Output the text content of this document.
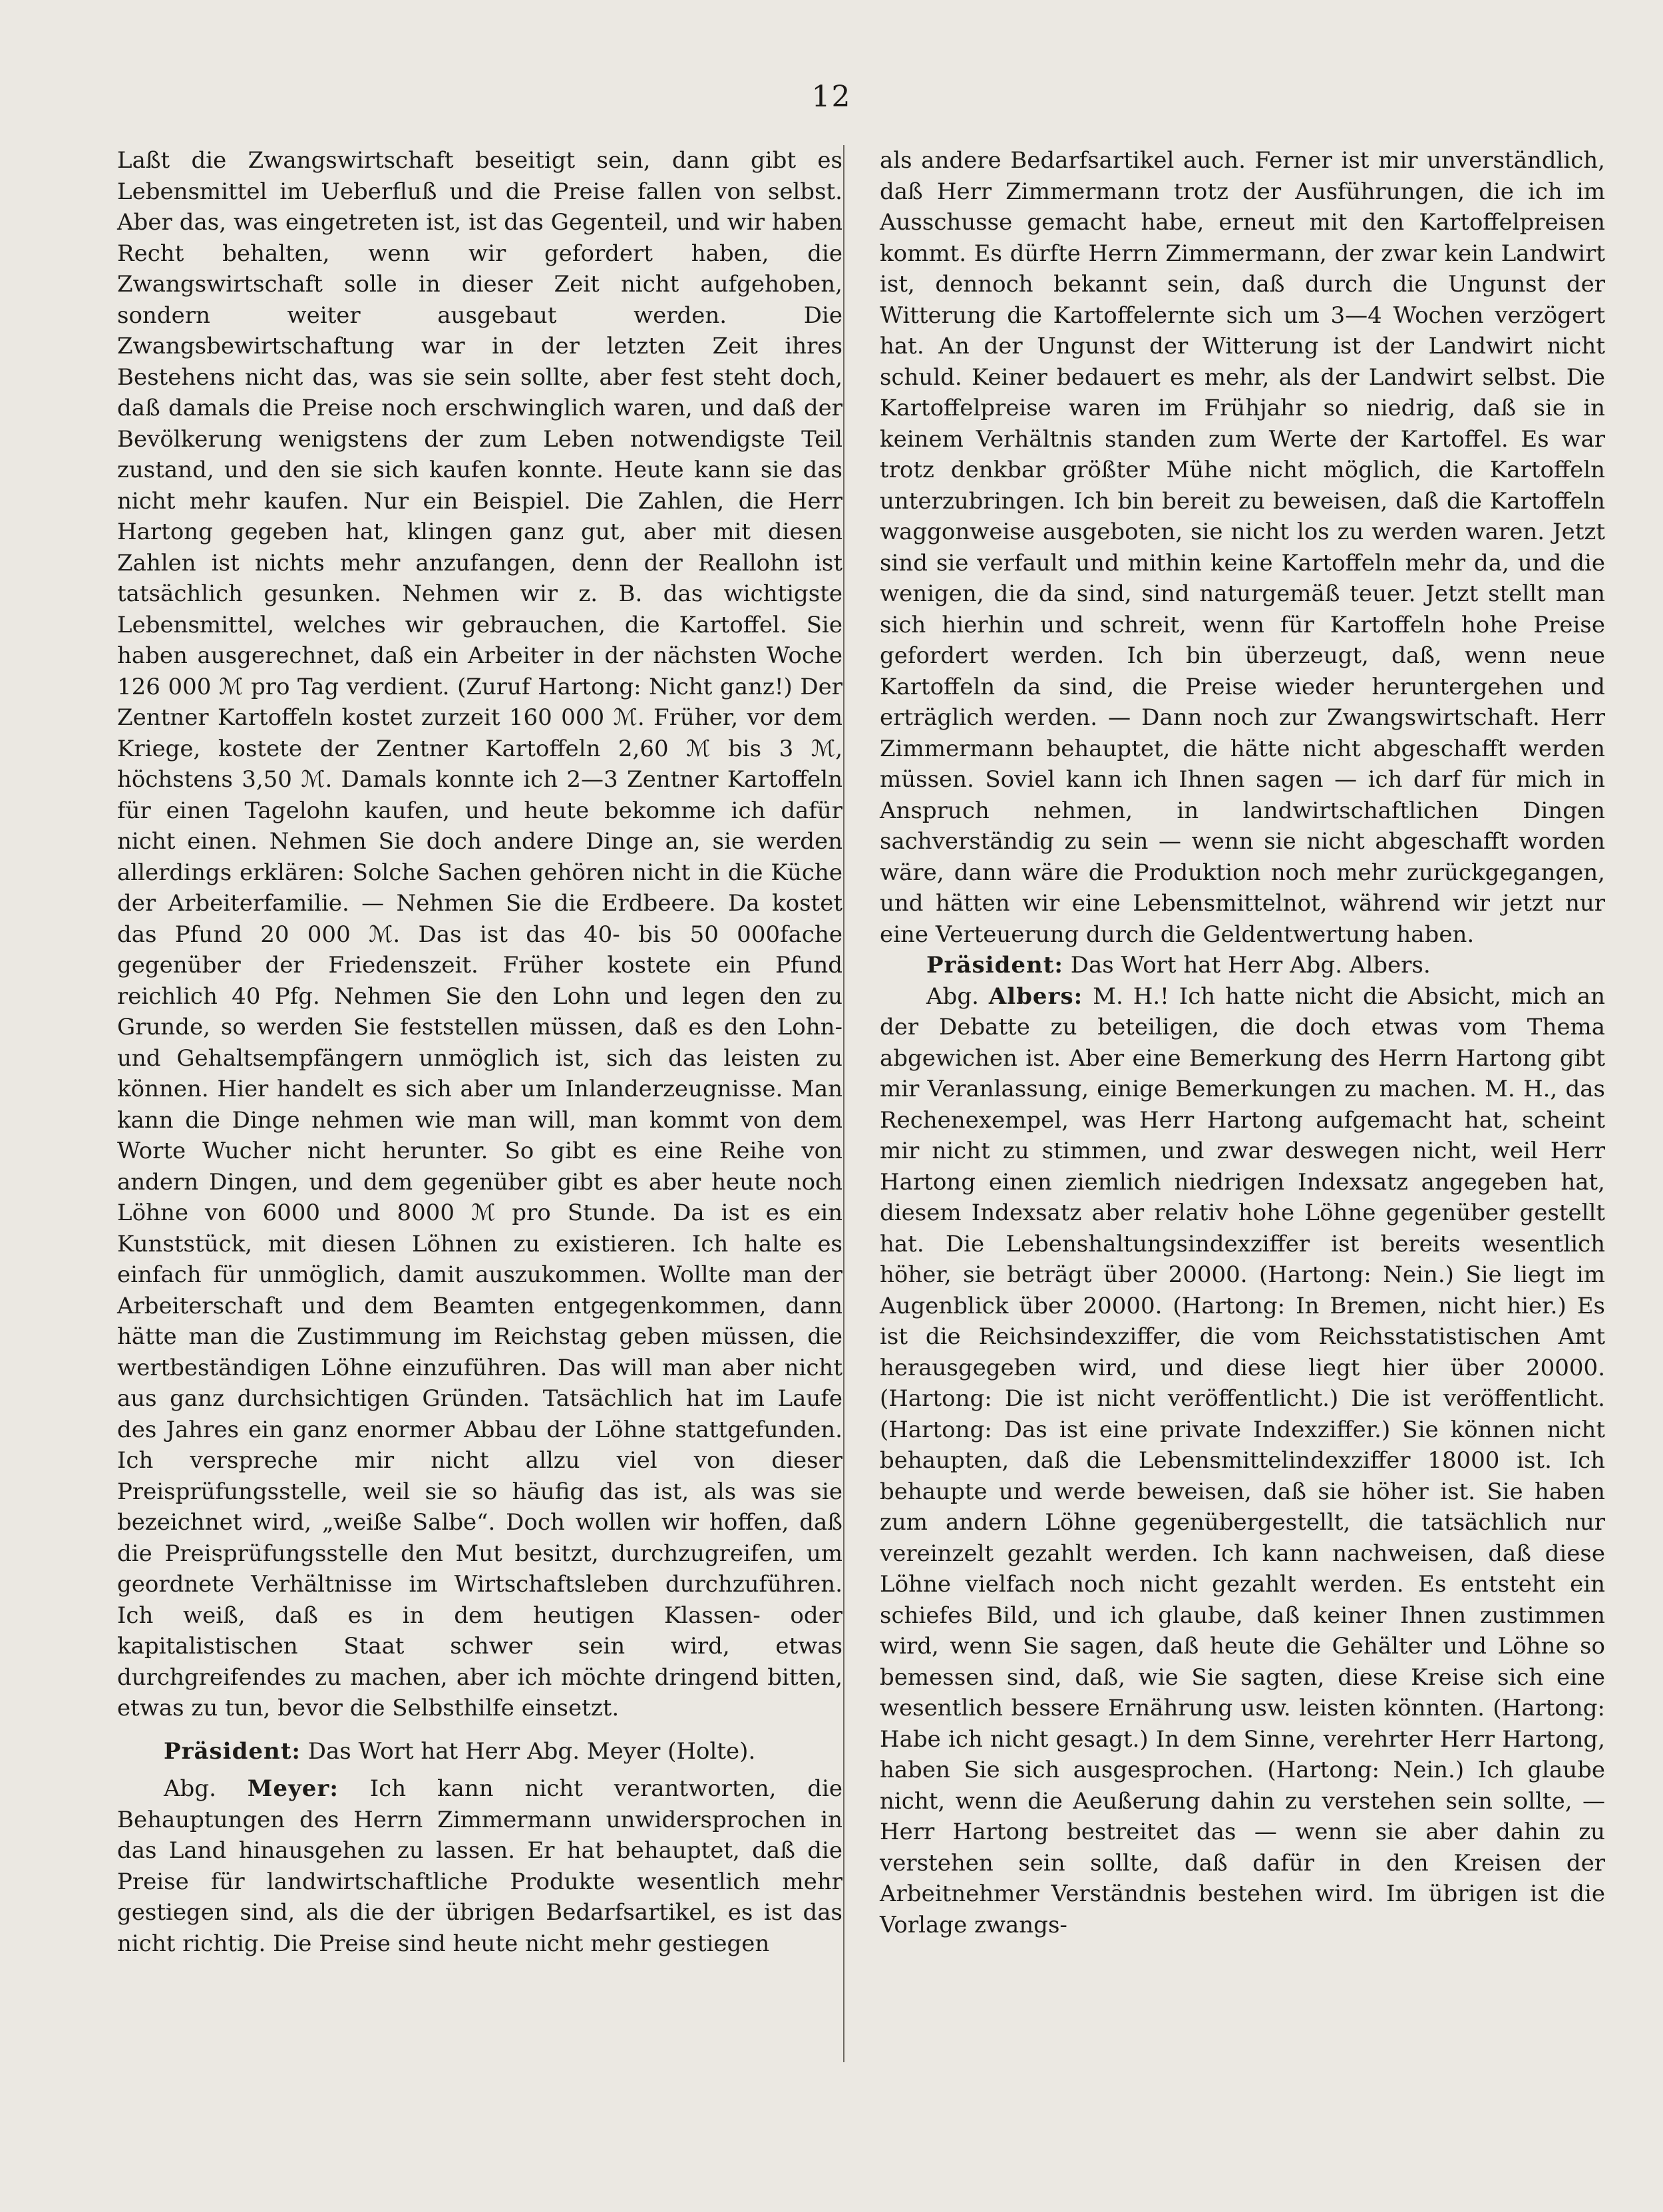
12

Laßt die Zwangswirtschaft beseitigt sein, dann gibt es Lebensmittel im Ueberfluß und die Preise fallen von selbst. Aber das, was eingetreten ist, ist das Gegenteil, und wir haben Recht behalten, wenn wir gefordert haben, die Zwangswirtschaft solle in dieser Zeit nicht aufgehoben, sondern weiter ausgebaut werden. Die Zwangsbewirtschaftung war in der letzten Zeit ihres Bestehens nicht das, was sie sein sollte, aber fest steht doch, daß damals die Preise noch erschwinglich waren, und daß der Bevölkerung wenigstens der zum Leben notwendigste Teil zustand, und den sie sich kaufen konnte. Heute kann sie das nicht mehr kaufen. Nur ein Beispiel. Die Zahlen, die Herr Hartong gegeben hat, klingen ganz gut, aber mit diesen Zahlen ist nichts mehr anzufangen, denn der Reallohn ist tatsächlich gesunken. Nehmen wir z. B. das wichtigste Lebensmittel, welches wir gebrauchen, die Kartoffel. Sie haben ausgerechnet, daß ein Arbeiter in der nächsten Woche 126 000 ℳ pro Tag verdient. (Zuruf Hartong: Nicht ganz!) Der Zentner Kartoffeln kostet zurzeit 160 000 ℳ. Früher, vor dem Kriege, kostete der Zentner Kartoffeln 2,60 ℳ bis 3 ℳ, höchstens 3,50 ℳ. Damals konnte ich 2—3 Zentner Kartoffeln für einen Tagelohn kaufen, und heute bekomme ich dafür nicht einen. Nehmen Sie doch andere Dinge an, sie werden allerdings erklären: Solche Sachen gehören nicht in die Küche der Arbeiterfamilie. — Nehmen Sie die Erdbeere. Da kostet das Pfund 20 000 ℳ. Das ist das 40- bis 50 000fache gegenüber der Friedenszeit. Früher kostete ein Pfund reichlich 40 Pfg. Nehmen Sie den Lohn und legen den zu Grunde, so werden Sie feststellen müssen, daß es den Lohn- und Gehaltsempfängern unmöglich ist, sich das leisten zu können. Hier handelt es sich aber um Inlanderzeugnisse. Man kann die Dinge nehmen wie man will, man kommt von dem Worte Wucher nicht herunter. So gibt es eine Reihe von andern Dingen, und dem gegenüber gibt es aber heute noch Löhne von 6000 und 8000 ℳ pro Stunde. Da ist es ein Kunststück, mit diesen Löhnen zu existieren. Ich halte es einfach für unmöglich, damit auszukommen. Wollte man der Arbeiterschaft und dem Beamten entgegenkommen, dann hätte man die Zustimmung im Reichstag geben müssen, die wertbeständigen Löhne einzuführen. Das will man aber nicht aus ganz durchsichtigen Gründen. Tatsächlich hat im Laufe des Jahres ein ganz enormer Abbau der Löhne stattgefunden. Ich verspreche mir nicht allzu viel von dieser Preisprüfungsstelle, weil sie so häufig das ist, als was sie bezeichnet wird, „weiße Salbe“. Doch wollen wir hoffen, daß die Preisprüfungsstelle den Mut besitzt, durchzugreifen, um geordnete Verhältnisse im Wirtschaftsleben durchzuführen. Ich weiß, daß es in dem heutigen Klassen- oder kapitalistischen Staat schwer sein wird, etwas durchgreifendes zu machen, aber ich möchte dringend bitten, etwas zu tun, bevor die Selbsthilfe einsetzt.

Präsident: Das Wort hat Herr Abg. Meyer (Holte).

Abg. Meyer: Ich kann nicht verantworten, die Behauptungen des Herrn Zimmermann unwidersprochen in das Land hinausgehen zu lassen. Er hat behauptet, daß die Preise für landwirtschaftliche Produkte wesentlich mehr gestiegen sind, als die der übrigen Bedarfsartikel, es ist das nicht richtig. Die Preise sind heute nicht mehr gestiegen

als andere Bedarfsartikel auch. Ferner ist mir unverständlich, daß Herr Zimmermann trotz der Ausführungen, die ich im Ausschusse gemacht habe, erneut mit den Kartoffelpreisen kommt. Es dürfte Herrn Zimmermann, der zwar kein Landwirt ist, dennoch bekannt sein, daß durch die Ungunst der Witterung die Kartoffelernte sich um 3—4 Wochen verzögert hat. An der Ungunst der Witterung ist der Landwirt nicht schuld. Keiner bedauert es mehr, als der Landwirt selbst. Die Kartoffelpreise waren im Frühjahr so niedrig, daß sie in keinem Verhältnis standen zum Werte der Kartoffel. Es war trotz denkbar größter Mühe nicht möglich, die Kartoffeln unterzubringen. Ich bin bereit zu beweisen, daß die Kartoffeln waggonweise ausgeboten, sie nicht los zu werden waren. Jetzt sind sie verfault und mithin keine Kartoffeln mehr da, und die wenigen, die da sind, sind naturgemäß teuer. Jetzt stellt man sich hierhin und schreit, wenn für Kartoffeln hohe Preise gefordert werden. Ich bin überzeugt, daß, wenn neue Kartoffeln da sind, die Preise wieder heruntergehen und erträglich werden. — Dann noch zur Zwangswirtschaft. Herr Zimmermann behauptet, die hätte nicht abgeschafft werden müssen. Soviel kann ich Ihnen sagen — ich darf für mich in Anspruch nehmen, in landwirtschaftlichen Dingen sachverständig zu sein — wenn sie nicht abgeschafft worden wäre, dann wäre die Produktion noch mehr zurückgegangen, und hätten wir eine Lebensmittelnot, während wir jetzt nur eine Verteuerung durch die Geldentwertung haben.

Präsident: Das Wort hat Herr Abg. Albers.

Abg. Albers: M. H.! Ich hatte nicht die Absicht, mich an der Debatte zu beteiligen, die doch etwas vom Thema abgewichen ist. Aber eine Bemerkung des Herrn Hartong gibt mir Veranlassung, einige Bemerkungen zu machen. M. H., das Rechenexempel, was Herr Hartong aufgemacht hat, scheint mir nicht zu stimmen, und zwar deswegen nicht, weil Herr Hartong einen ziemlich niedrigen Indexsatz angegeben hat, diesem Indexsatz aber relativ hohe Löhne gegenüber gestellt hat. Die Lebenshaltungsindexziffer ist bereits wesentlich höher, sie beträgt über 20000. (Hartong: Nein.) Sie liegt im Augenblick über 20000. (Hartong: In Bremen, nicht hier.) Es ist die Reichsindexziffer, die vom Reichsstatistischen Amt herausgegeben wird, und diese liegt hier über 20000. (Hartong: Die ist nicht veröffentlicht.) Die ist veröffentlicht. (Hartong: Das ist eine private Indexziffer.) Sie können nicht behaupten, daß die Lebensmittelindexziffer 18000 ist. Ich behaupte und werde beweisen, daß sie höher ist. Sie haben zum andern Löhne gegenübergestellt, die tatsächlich nur vereinzelt gezahlt werden. Ich kann nachweisen, daß diese Löhne vielfach noch nicht gezahlt werden. Es entsteht ein schiefes Bild, und ich glaube, daß keiner Ihnen zustimmen wird, wenn Sie sagen, daß heute die Gehälter und Löhne so bemessen sind, daß, wie Sie sagten, diese Kreise sich eine wesentlich bessere Ernährung usw. leisten könnten. (Hartong: Habe ich nicht gesagt.) In dem Sinne, verehrter Herr Hartong, haben Sie sich ausgesprochen. (Hartong: Nein.) Ich glaube nicht, wenn die Aeußerung dahin zu verstehen sein sollte, — Herr Hartong bestreitet das — wenn sie aber dahin zu verstehen sein sollte, daß dafür in den Kreisen der Arbeitnehmer Verständnis bestehen wird. Im übrigen ist die Vorlage zwangs-
